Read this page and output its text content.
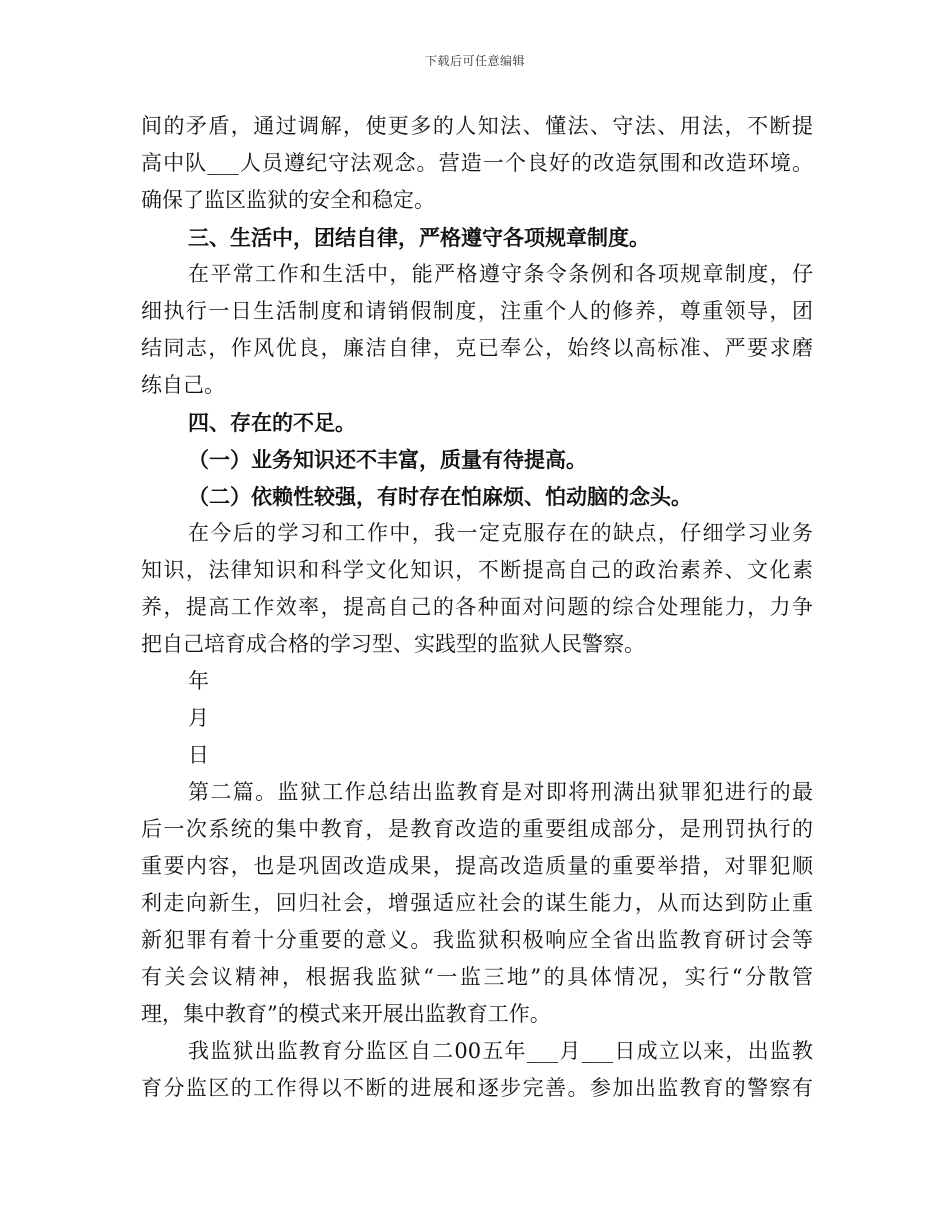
下载后可任意编辑
间的矛盾，通过调解，使更多的人知法、懂法、守法、用法，不断提
高中队___人员遵纪守法观念。营造一个良好的改造氛围和改造环境。
确保了监区监狱的安全和稳定。
三、生活中，团结自律，严格遵守各项规章制度。
在平常工作和生活中，能严格遵守条令条例和各项规章制度，仔
细执行一日生活制度和请销假制度，注重个人的修养，尊重领导，团
结同志，作风优良，廉洁自律，克已奉公，始终以高标准、严要求磨
练自己。
四、存在的不足。
（一）业务知识还不丰富，质量有待提高。
（二）依赖性较强，有时存在怕麻烦、怕动脑的念头。
在今后的学习和工作中，我一定克服存在的缺点，仔细学习业务
知识，法律知识和科学文化知识，不断提高自己的政治素养、文化素
养，提高工作效率，提高自己的各种面对问题的综合处理能力，力争
把自己培育成合格的学习型、实践型的监狱人民警察。
年
月
日
第二篇。监狱工作总结出监教育是对即将刑满出狱罪犯进行的最
后一次系统的集中教育，是教育改造的重要组成部分，是刑罚执行的
重要内容，也是巩固改造成果，提高改造质量的重要举措，对罪犯顺
利走向新生，回归社会，增强适应社会的谋生能力，从而达到防止重
新犯罪有着十分重要的意义。我监狱积极响应全省出监教育研讨会等
有关会议精神，根据我监狱“一监三地”的具体情况，实行“分散管
理，集中教育”的模式来开展出监教育工作。
我监狱出监教育分监区自二00五年___月___日成立以来，出监教
育分监区的工作得以不断的进展和逐步完善。参加出监教育的警察有
